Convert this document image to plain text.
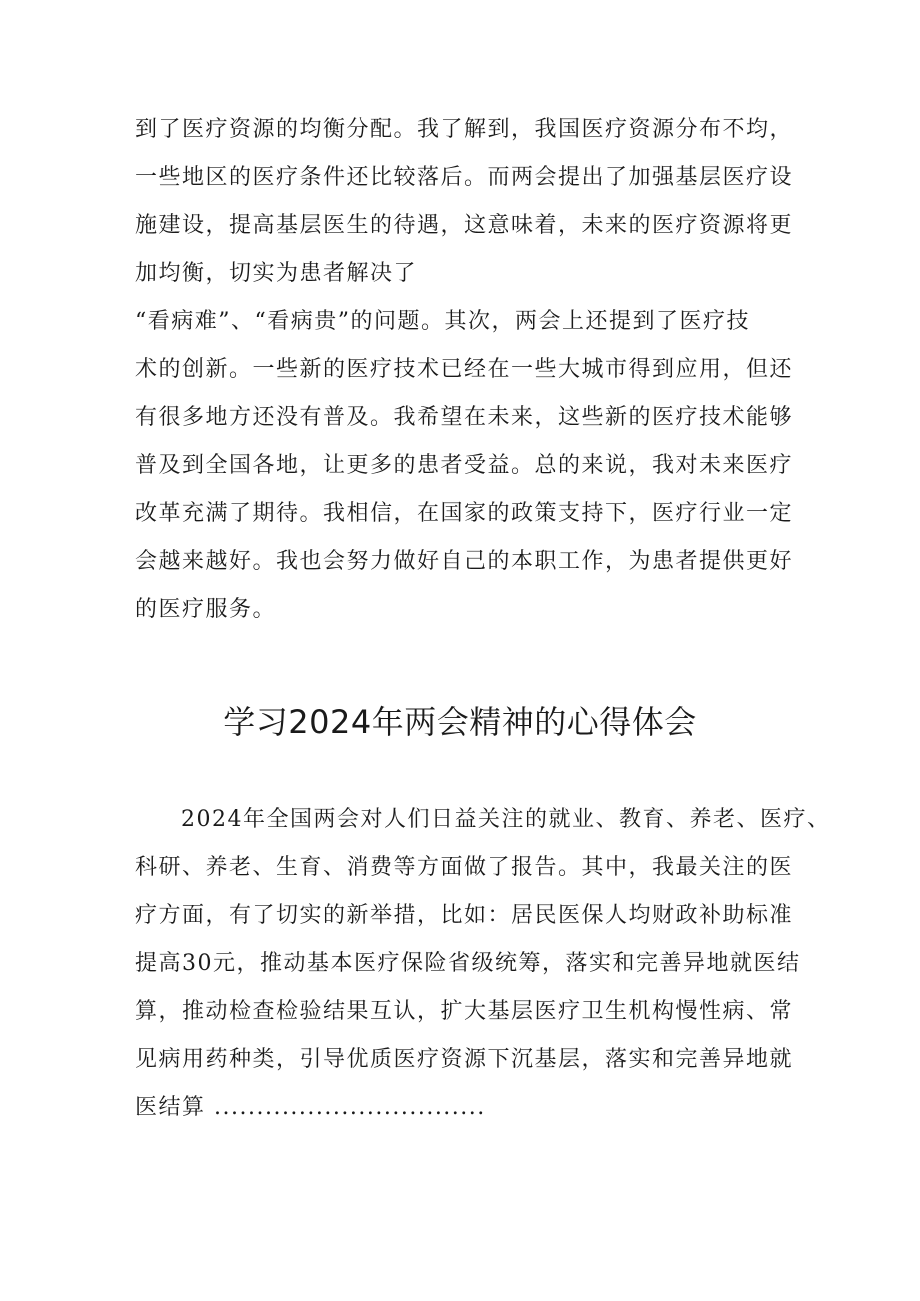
到了医疗资源的均衡分配。我了解到，我国医疗资源分布不均，
一些地区的医疗条件还比较落后。而两会提出了加强基层医疗设
施建设，提高基层医生的待遇，这意味着，未来的医疗资源将更
加均衡，切实为患者解决了
“看病难”、“看病贵”的问题。其次，两会上还提到了医疗技
术的创新。一些新的医疗技术已经在一些大城市得到应用，但还
有很多地方还没有普及。我希望在未来，这些新的医疗技术能够
普及到全国各地，让更多的患者受益。总的来说，我对未来医疗
改革充满了期待。我相信，在国家的政策支持下，医疗行业一定
会越来越好。我也会努力做好自己的本职工作，为患者提供更好
的医疗服务。
学习2024年两会精神的心得体会
2024年全国两会对人们日益关注的就业、教育、养老、医疗、
科研、养老、生育、消费等方面做了报告。其中，我最关注的医
疗方面，有了切实的新举措，比如：居民医保人均财政补助标准
提高30元，推动基本医疗保险省级统筹，落实和完善异地就医结
算，推动检查检验结果互认，扩大基层医疗卫生机构慢性病、常
见病用药种类，引导优质医疗资源下沉基层，落实和完善异地就
医结算 ................................
